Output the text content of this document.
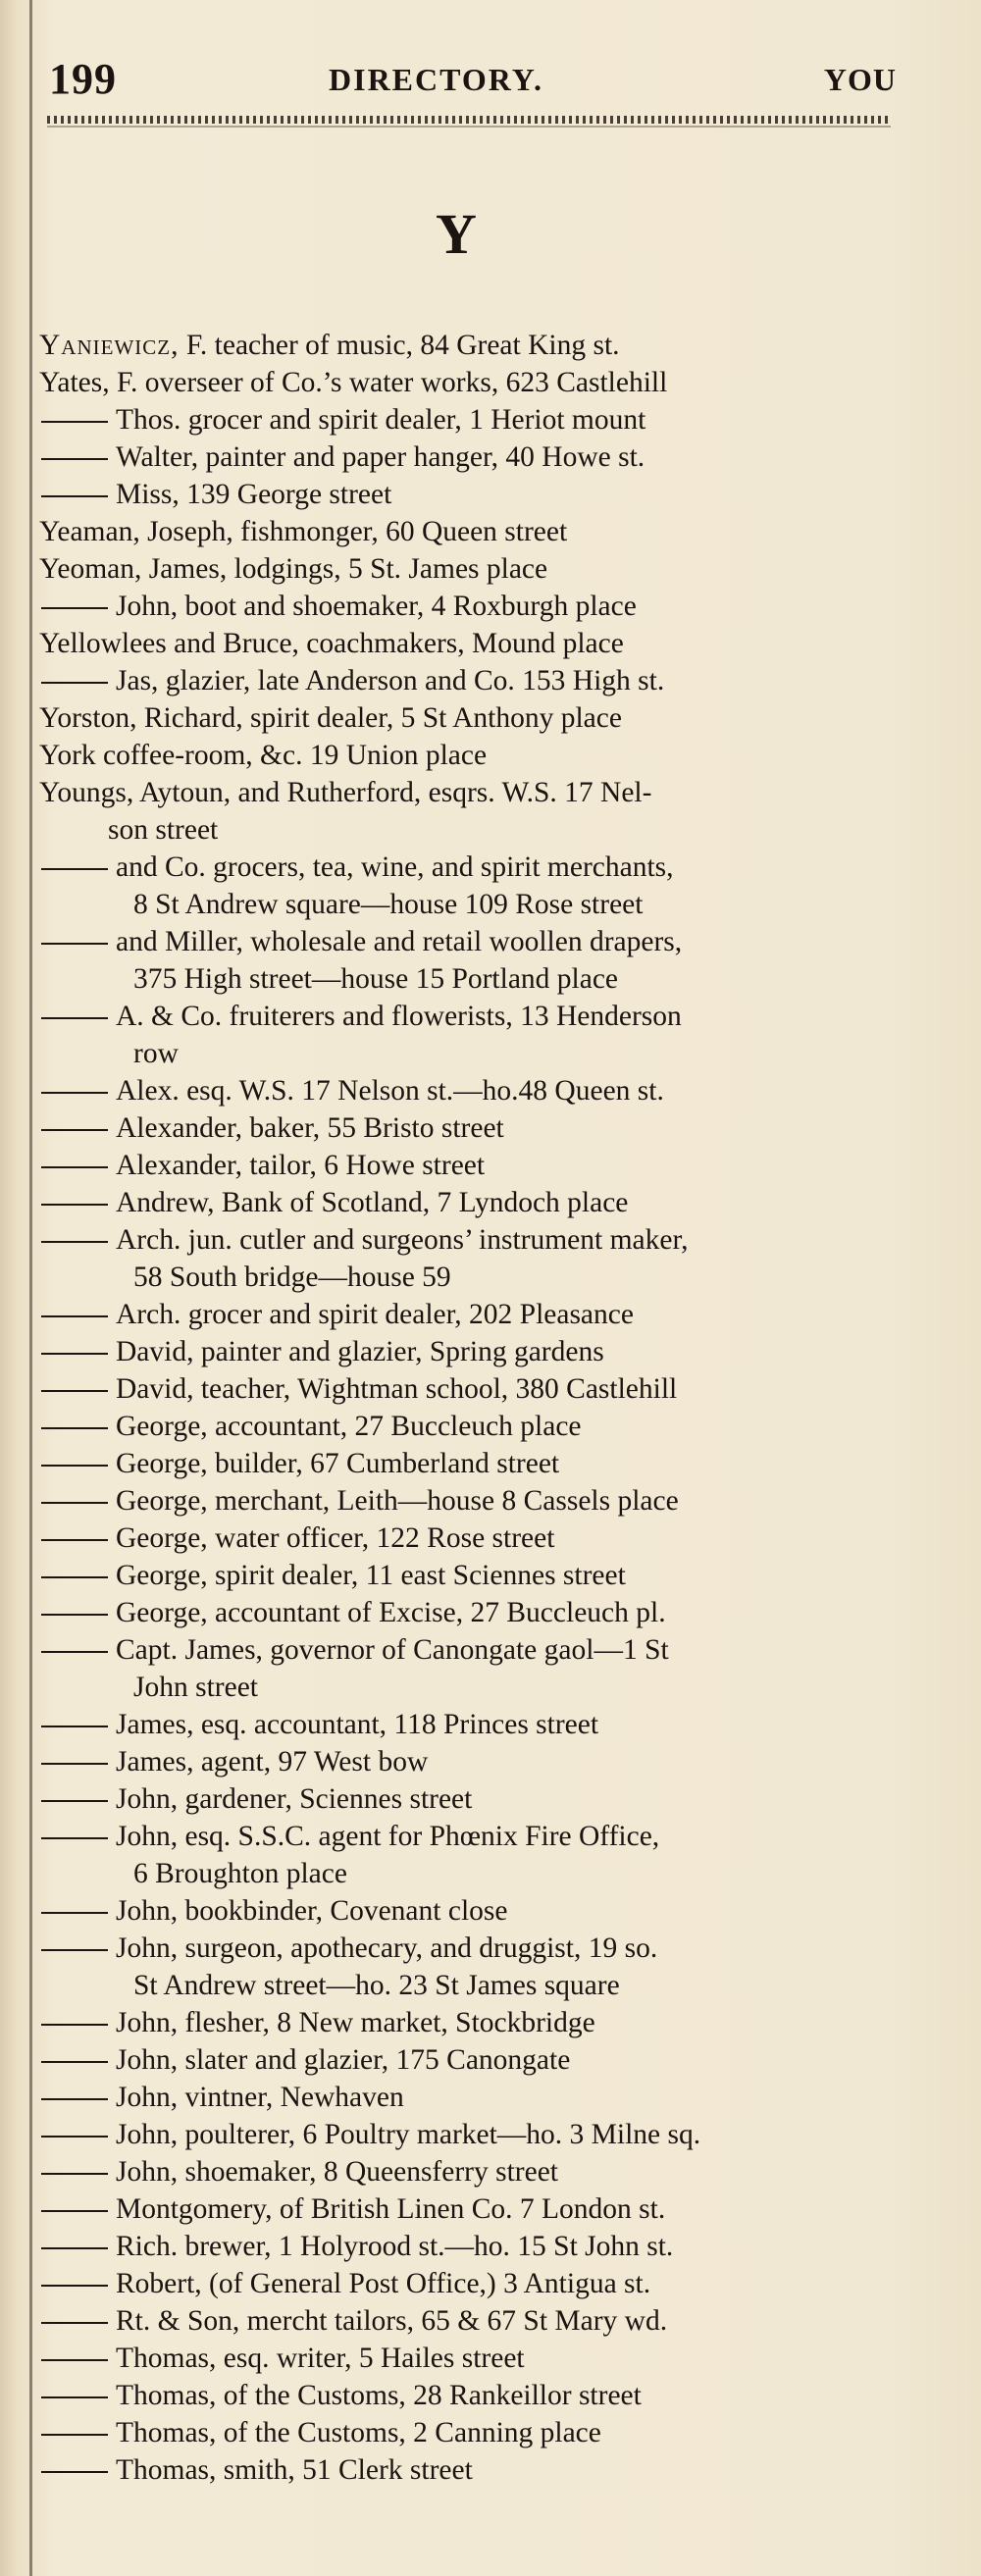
199	DIRECTORY.	YOU
Y
Yaniewicz, F. teacher of music, 84 Great King st.
Yates, F. overseer of Co.’s water works, 623 Castlehill
Thos. grocer and spirit dealer, 1 Heriot mount
Walter, painter and paper hanger, 40 Howe st.
Miss, 139 George street
Yeaman, Joseph, fishmonger, 60 Queen street
Yeoman, James, lodgings, 5 St. James place
John, boot and shoemaker, 4 Roxburgh place
Yellowlees and Bruce, coachmakers, Mound place
Jas, glazier, late Anderson and Co. 153 High st.
Yorston, Richard, spirit dealer, 5 St Anthony place
York coffee-room, &c. 19 Union place
Youngs, Aytoun, and Rutherford, esqrs. W.S. 17 Nel-
son street
and Co. grocers, tea, wine, and spirit merchants,
8 St Andrew square—house 109 Rose street
and Miller, wholesale and retail woollen drapers,
375 High street—house 15 Portland place
A. & Co. fruiterers and flowerists, 13 Henderson
row
Alex. esq. W.S. 17 Nelson st.—ho.48 Queen st.
Alexander, baker, 55 Bristo street
Alexander, tailor, 6 Howe street
Andrew, Bank of Scotland, 7 Lyndoch place
Arch. jun. cutler and surgeons’ instrument maker,
58 South bridge—house 59
Arch. grocer and spirit dealer, 202 Pleasance
David, painter and glazier, Spring gardens
David, teacher, Wightman school, 380 Castlehill
George, accountant, 27 Buccleuch place
George, builder, 67 Cumberland street
George, merchant, Leith—house 8 Cassels place
George, water officer, 122 Rose street
George, spirit dealer, 11 east Sciennes street
George, accountant of Excise, 27 Buccleuch pl.
Capt. James, governor of Canongate gaol—1 St
John street
James, esq. accountant, 118 Princes street
James, agent, 97 West bow
John, gardener, Sciennes street
John, esq. S.S.C. agent for Phœnix Fire Office,
6 Broughton place
John, bookbinder, Covenant close
John, surgeon, apothecary, and druggist, 19 so.
St Andrew street—ho. 23 St James square
John, flesher, 8 New market, Stockbridge
John, slater and glazier, 175 Canongate
John, vintner, Newhaven
John, poulterer, 6 Poultry market—ho. 3 Milne sq.
John, shoemaker, 8 Queensferry street
Montgomery, of British Linen Co. 7 London st.
Rich. brewer, 1 Holyrood st.—ho. 15 St John st.
Robert, (of General Post Office,) 3 Antigua st.
Rt. & Son, mercht tailors, 65 & 67 St Mary wd.
Thomas, esq. writer, 5 Hailes street
Thomas, of the Customs, 28 Rankeillor street
Thomas, of the Customs, 2 Canning place
Thomas, smith, 51 Clerk street
